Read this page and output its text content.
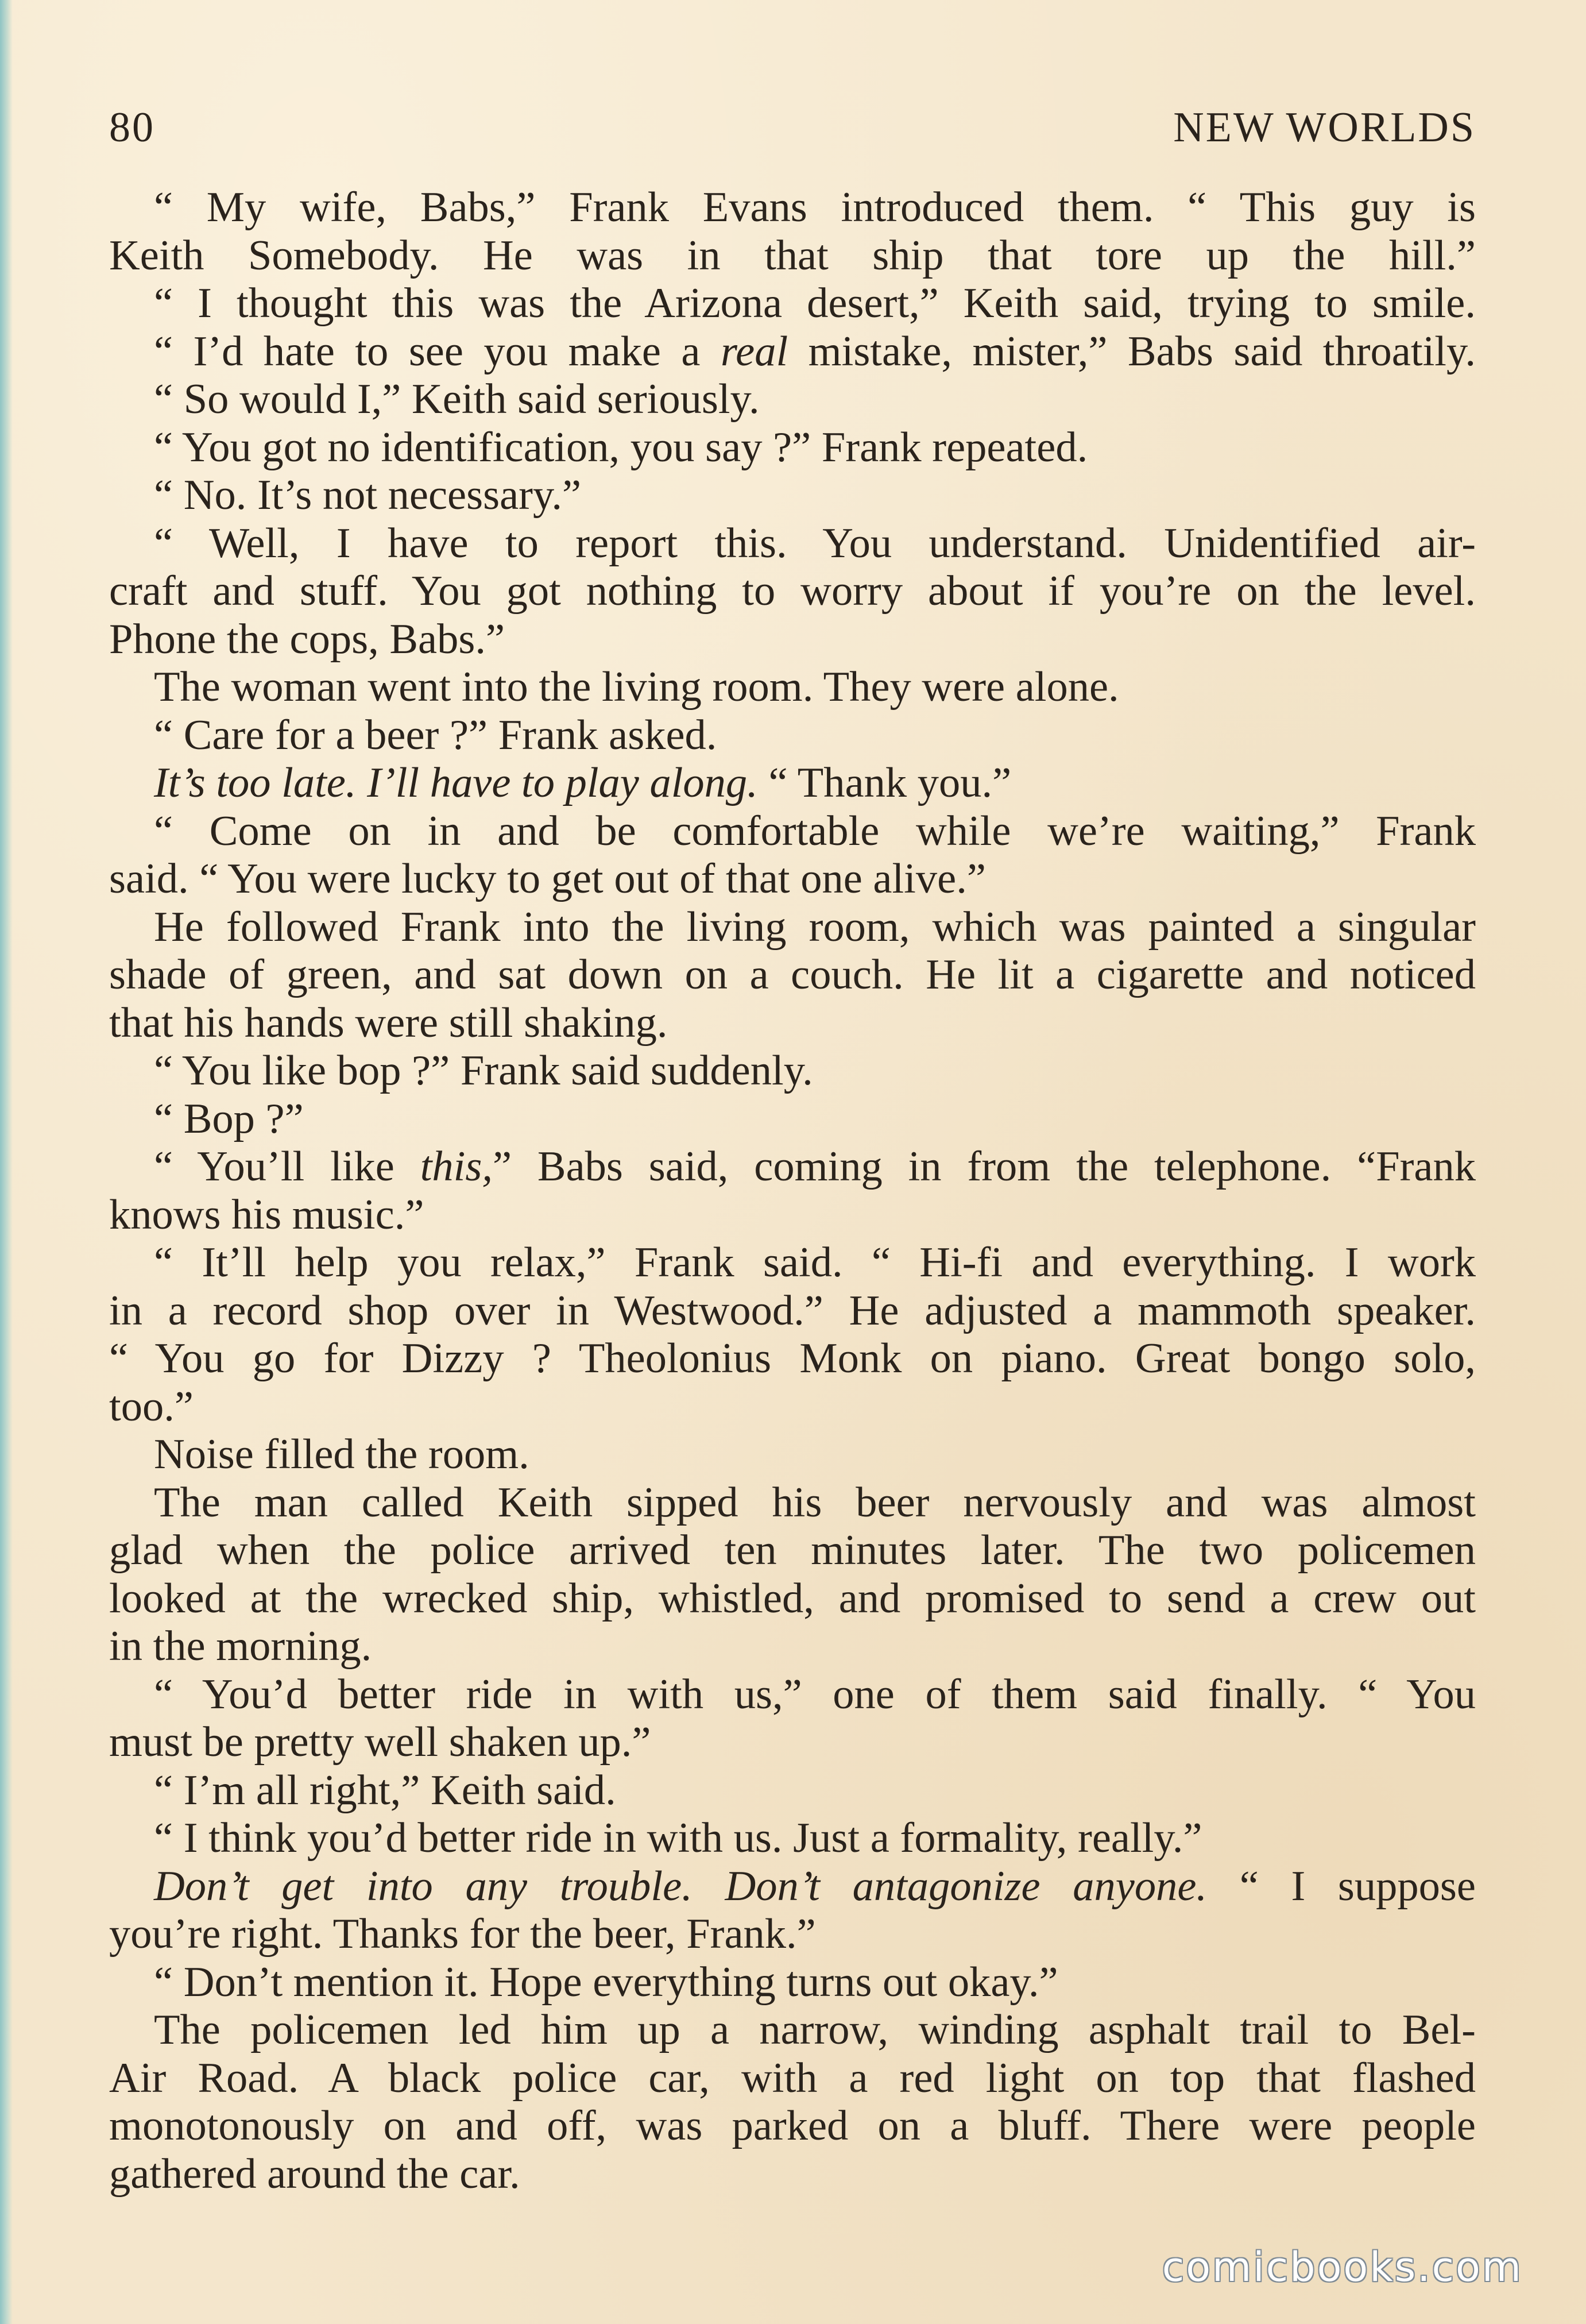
80	NEW WORLDS
“ My wife, Babs,” Frank Evans introduced them. “ This guy is
Keith Somebody. He was in that ship that tore up the hill.”
“ I thought this was the Arizona desert,” Keith said, trying to smile.
“ I’d hate to see you make a real mistake, mister,” Babs said throatily.
“ So would I,” Keith said seriously.
“ You got no identification, you say ?” Frank repeated.
“ No. It’s not necessary.”
“ Well, I have to report this. You understand. Unidentified air-
craft and stuff. You got nothing to worry about if you’re on the level.
Phone the cops, Babs.”
The woman went into the living room. They were alone.
“ Care for a beer ?” Frank asked.
It’s too late. I’ll have to play along. “ Thank you.”
“ Come on in and be comfortable while we’re waiting,” Frank
said. “ You were lucky to get out of that one alive.”
He followed Frank into the living room, which was painted a singular
shade of green, and sat down on a couch. He lit a cigarette and noticed
that his hands were still shaking.
“ You like bop ?” Frank said suddenly.
“ Bop ?”
“ You’ll like this,” Babs said, coming in from the telephone. “Frank
knows his music.”
“ It’ll help you relax,” Frank said. “ Hi-fi and everything. I work
in a record shop over in Westwood.” He adjusted a mammoth speaker.
“ You go for Dizzy ? Theolonius Monk on piano. Great bongo solo,
too.”
Noise filled the room.
The man called Keith sipped his beer nervously and was almost
glad when the police arrived ten minutes later. The two policemen
looked at the wrecked ship, whistled, and promised to send a crew out
in the morning.
“ You’d better ride in with us,” one of them said finally. “ You
must be pretty well shaken up.”
“ I’m all right,” Keith said.
“ I think you’d better ride in with us. Just a formality, really.”
Don’t get into any trouble. Don’t antagonize anyone. “ I suppose
you’re right. Thanks for the beer, Frank.”
“ Don’t mention it. Hope everything turns out okay.”
The policemen led him up a narrow, winding asphalt trail to Bel-
Air Road. A black police car, with a red light on top that flashed
monotonously on and off, was parked on a bluff. There were people
gathered around the car.
comicbooks.com
